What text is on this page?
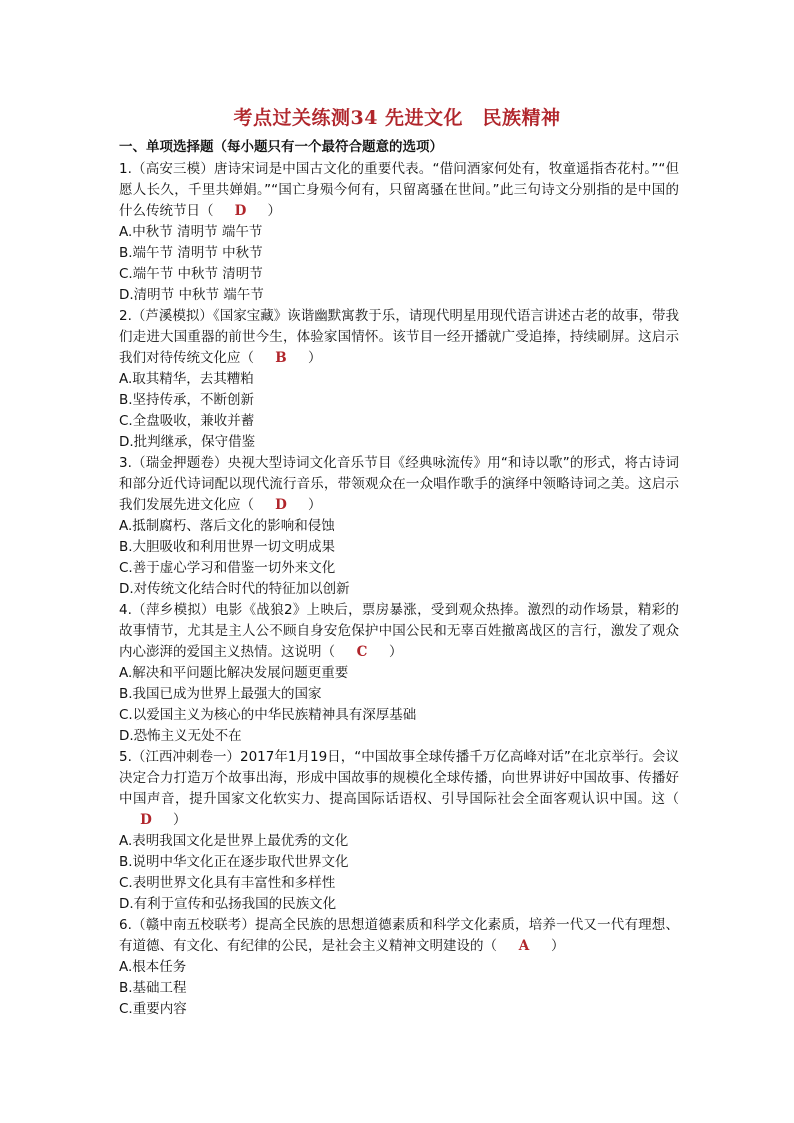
考点过关练测34 先进文化　民族精神
一、单项选择题（每小题只有一个最符合题意的选项）

1.（高安三模）唐诗宋词是中国古文化的重要代表。“借问酒家何处有，牧童遥指杏花村。”“但愿人长久，千里共婵娟。”“国亡身殒今何有，只留离骚在世间。”此三句诗文分别指的是中国的什么传统节日（ D ）

A.中秋节 清明节 端午节

B.端午节 清明节 中秋节

C.端午节 中秋节 清明节

D.清明节 中秋节 端午节

2.（芦溪模拟）《国家宝藏》诙谐幽默寓教于乐，请现代明星用现代语言讲述古老的故事，带我们走进大国重器的前世今生，体验家国情怀。该节目一经开播就广受追捧，持续刷屏。这启示我们对待传统文化应（ B ）

A.取其精华，去其糟粕

B.坚持传承，不断创新

C.全盘吸收，兼收并蓄

D.批判继承，保守借鉴

3.（瑞金押题卷）央视大型诗词文化音乐节目《经典咏流传》用“和诗以歌”的形式，将古诗词和部分近代诗词配以现代流行音乐，带领观众在一众唱作歌手的演绎中领略诗词之美。这启示我们发展先进文化应（ D ）

A.抵制腐朽、落后文化的影响和侵蚀

B.大胆吸收和利用世界一切文明成果

C.善于虚心学习和借鉴一切外来文化

D.对传统文化结合时代的特征加以创新

4.（萍乡模拟）电影《战狼2》上映后，票房暴涨，受到观众热捧。激烈的动作场景，精彩的故事情节，尤其是主人公不顾自身安危保护中国公民和无辜百姓撤离战区的言行，激发了观众内心澎湃的爱国主义热情。这说明（ C ）

A.解决和平问题比解决发展问题更重要

B.我国已成为世界上最强大的国家

C.以爱国主义为核心的中华民族精神具有深厚基础

D.恐怖主义无处不在

5.（江西冲刺卷一）2017年1月19日，“中国故事全球传播千万亿高峰对话”在北京举行。会议决定合力打造万个故事出海，形成中国故事的规模化全球传播，向世界讲好中国故事、传播好中国声音，提升国家文化软实力、提高国际话语权、引导国际社会全面客观认识中国。这（D ）

A.表明我国文化是世界上最优秀的文化

B.说明中华文化正在逐步取代世界文化

C.表明世界文化具有丰富性和多样性

D.有利于宣传和弘扬我国的民族文化

6.（赣中南五校联考）提高全民族的思想道德素质和科学文化素质，培养一代又一代有理想、有道德、有文化、有纪律的公民，是社会主义精神文明建设的（ A ）

A.根本任务

B.基础工程

C.重要内容
